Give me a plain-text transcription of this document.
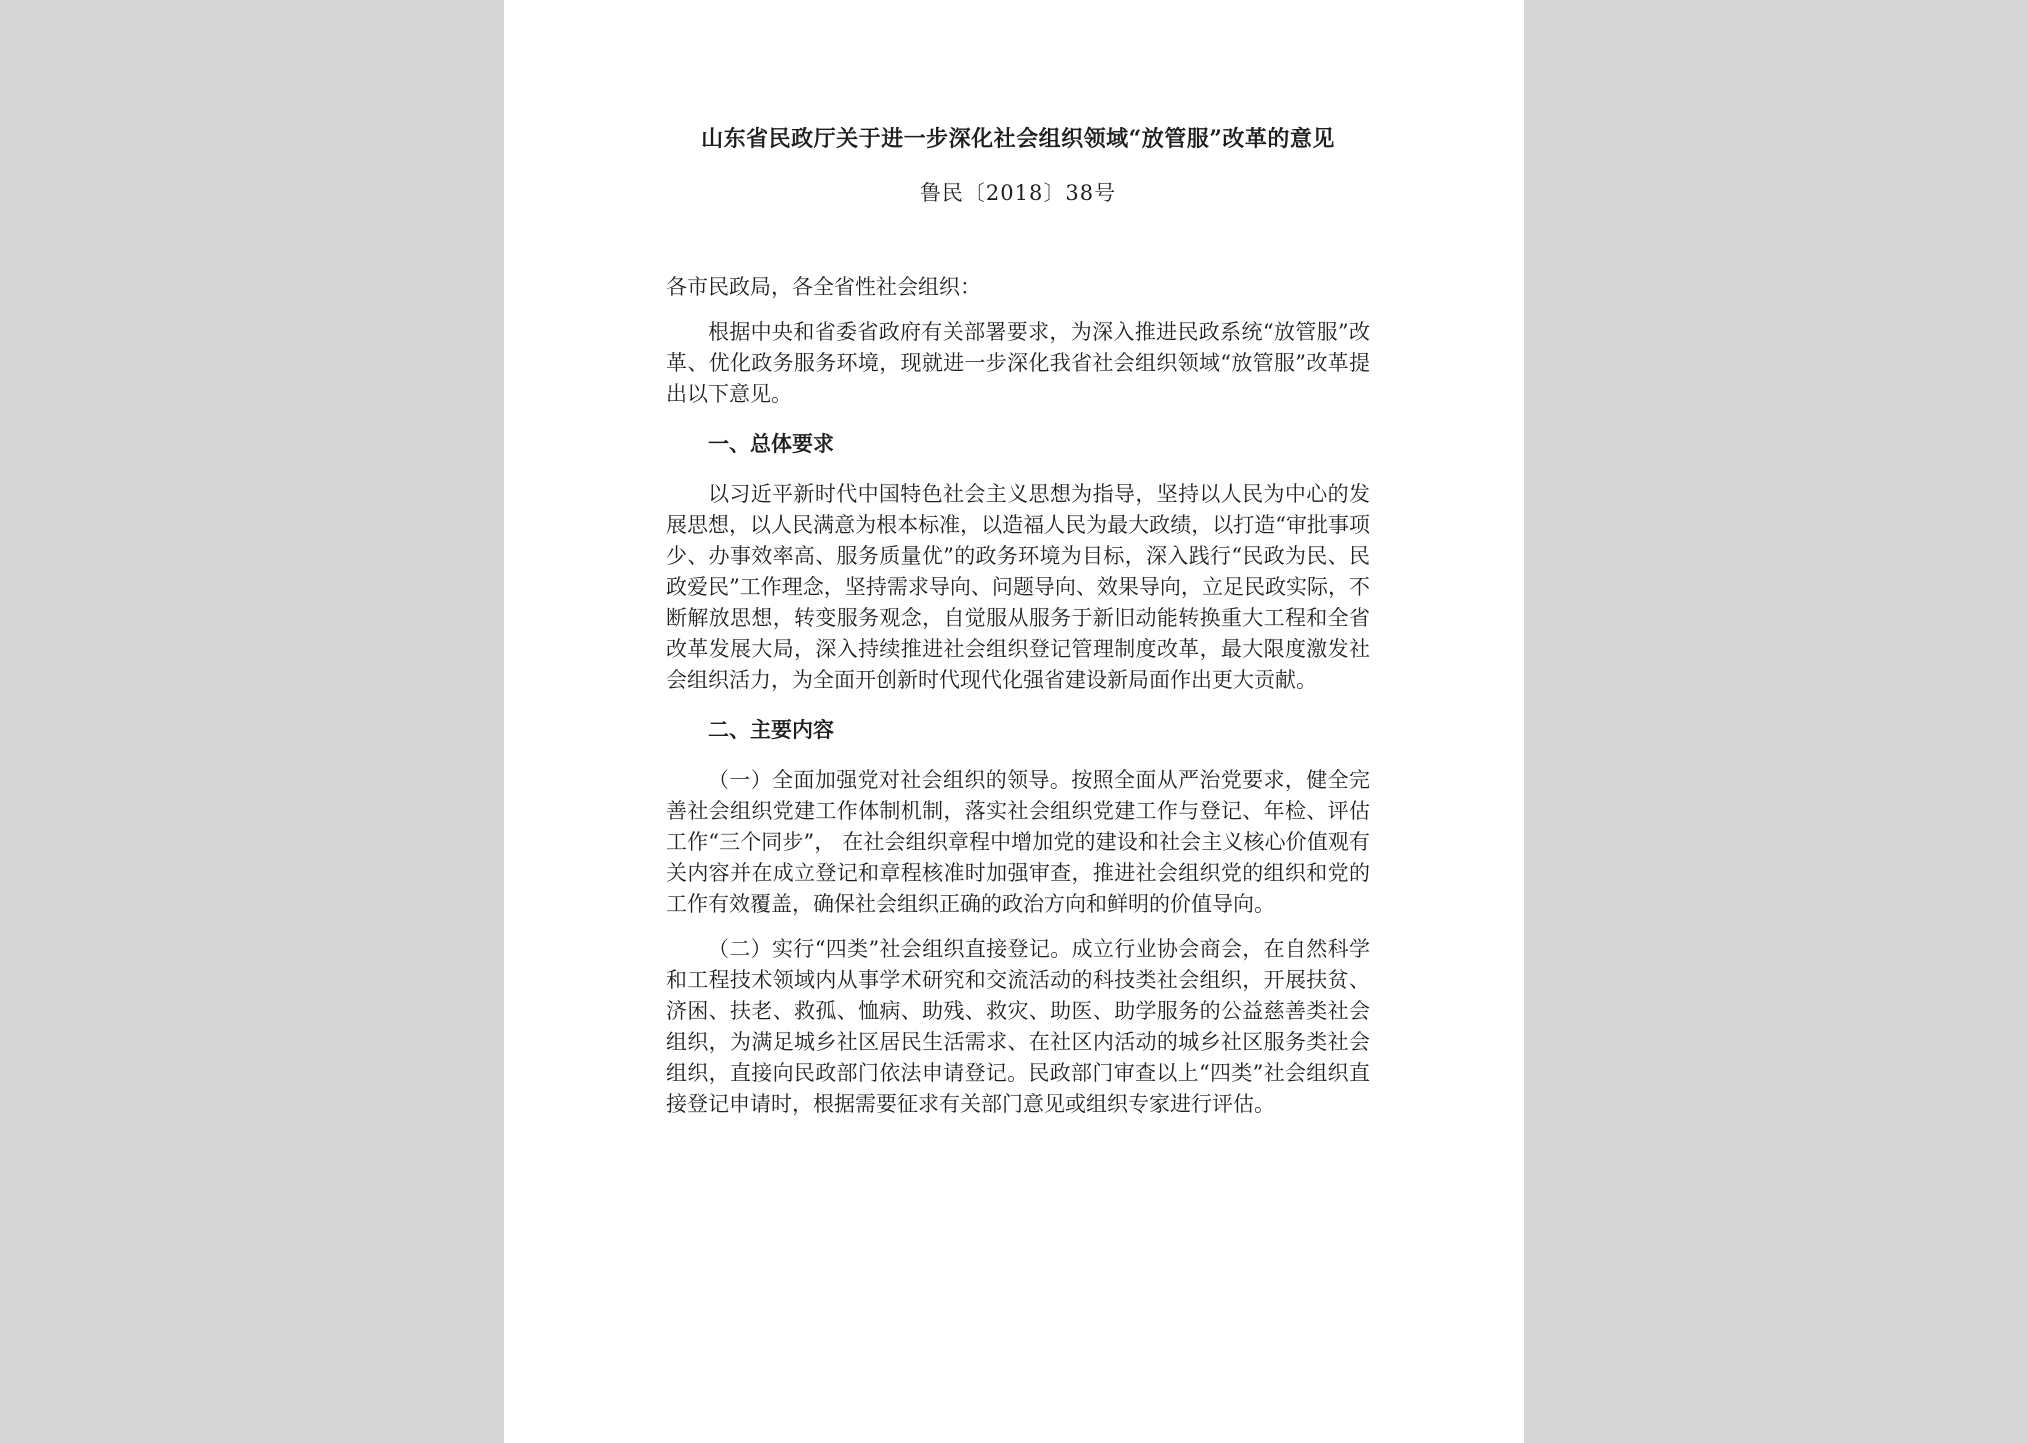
山东省民政厅关于进一步深化社会组织领域“放管服”改革的意见

鲁民〔2018〕38号

各市民政局，各全省性社会组织：

根据中央和省委省政府有关部署要求，为深入推进民政系统“放管服”改革、优化政务服务环境，现就进一步深化我省社会组织领域“放管服”改革提出以下意见。

一、总体要求

以习近平新时代中国特色社会主义思想为指导，坚持以人民为中心的发展思想，以人民满意为根本标准，以造福人民为最大政绩，以打造“审批事项少、办事效率高、服务质量优”的政务环境为目标，深入践行“民政为民、民政爱民”工作理念，坚持需求导向、问题导向、效果导向，立足民政实际，不断解放思想，转变服务观念，自觉服从服务于新旧动能转换重大工程和全省改革发展大局，深入持续推进社会组织登记管理制度改革，最大限度激发社会组织活力，为全面开创新时代现代化强省建设新局面作出更大贡献。

二、主要内容

（一）全面加强党对社会组织的领导。按照全面从严治党要求，健全完善社会组织党建工作体制机制，落实社会组织党建工作与登记、年检、评估工作“三个同步”， 在社会组织章程中增加党的建设和社会主义核心价值观有关内容并在成立登记和章程核准时加强审查，推进社会组织党的组织和党的工作有效覆盖，确保社会组织正确的政治方向和鲜明的价值导向。

（二）实行“四类”社会组织直接登记。成立行业协会商会，在自然科学和工程技术领域内从事学术研究和交流活动的科技类社会组织，开展扶贫、济困、扶老、救孤、恤病、助残、救灾、助医、助学服务的公益慈善类社会组织，为满足城乡社区居民生活需求、在社区内活动的城乡社区服务类社会组织，直接向民政部门依法申请登记。民政部门审查以上“四类”社会组织直接登记申请时，根据需要征求有关部门意见或组织专家进行评估。
